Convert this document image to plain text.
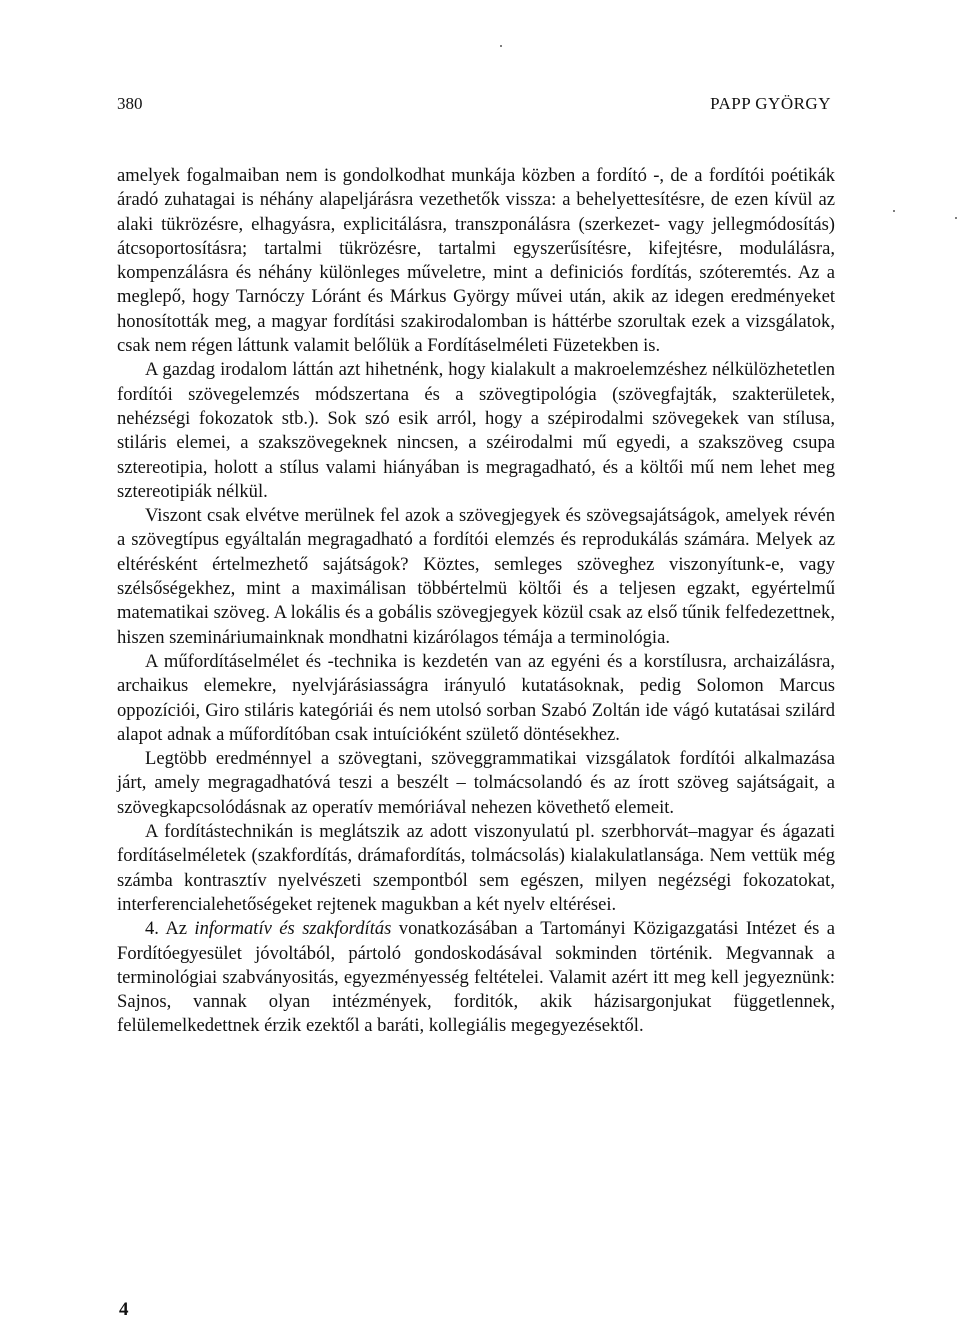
380	PAPP GYÖRGY

amelyek fogalmaiban nem is gondolkodhat munkája közben a fordító -, de a fordítói poétikák áradó zuhatagai is néhány alapeljárásra vezethetők vissza: a behelyettesítésre, de ezen kívül az alaki tükrözésre, elhagyásra, explicitálásra, transzponálásra (szerkezet- vagy jellegmódosítás) átcsoportosításra; tartalmi tükrözésre, tartalmi egyszerűsítésre, kifejtésre, modulálásra, kompenzálásra és néhány különleges műveletre, mint a definiciós fordítás, szóteremtés. Az a meglepő, hogy Tarnóczy Lóránt és Márkus György művei után, akik az idegen eredményeket honosították meg, a magyar fordítási szakirodalomban is háttérbe szorultak ezek a vizsgálatok, csak nem régen láttunk valamit belőlük a Fordításelméleti Füzetekben is.

A gazdag irodalom láttán azt hihetnénk, hogy kialakult a makroelemzéshez nélkülözhetetlen fordítói szövegelemzés módszertana és a szövegtipológia (szövegfajták, szakterületek, nehézségi fokozatok stb.). Sok szó esik arról, hogy a szépirodalmi szövegekek van stílusa, stiláris elemei, a szakszövegeknek nincsen, a széirodalmi mű egyedi, a szakszöveg csupa sztereotipia, holott a stílus valami hiányában is megragadható, és a költői mű nem lehet meg sztereotipiák nélkül.

Viszont csak elvétve merülnek fel azok a szövegjegyek és szövegsajátságok, amelyek révén a szövegtípus egyáltalán megragadható a fordítói elemzés és reprodukálás számára. Melyek az eltérésként értelmezhető sajátságok? Köztes, semleges szöveghez viszonyítunk-e, vagy szélsőségekhez, mint a maximálisan többértelmü költői és a teljesen egzakt, egyértelmű matematikai szöveg. A lokális és a gobális szövegjegyek közül csak az első tűnik felfedezettnek, hiszen szemináriumainknak mondhatni kizárólagos témája a terminológia.

A műfordításelmélet és -technika is kezdetén van az egyéni és a korstílusra, archaizálásra, archaikus elemekre, nyelvjárásiasságra irányuló kutatásoknak, pedig Solomon Marcus oppozíciói, Giro stiláris kategóriái és nem utolsó sorban Szabó Zoltán ide vágó kutatásai szilárd alapot adnak a műfordítóban csak intuícióként születő döntésekhez.

Legtöbb eredménnyel a szövegtani, szöveggrammatikai vizsgálatok fordítói alkalmazása járt, amely megragadhatóvá teszi a beszélt – tolmácsolandó és az írott szöveg sajátságait, a szövegkapcsolódásnak az operatív memóriával nehezen követhető elemeit.

A fordítástechnikán is meglátszik az adott viszonyulatú pl. szerbhorvát–magyar és ágazati fordításelméletek (szakfordítás, drámafordítás, tolmácsolás) kialakulatlansága. Nem vettük még számba kontrasztív nyelvészeti szempontból sem egészen, milyen negézségi fokozatokat, interferencialehetőségeket rejtenek magukban a két nyelv eltérései.

4. Az informatív és szakfordítás vonatkozásában a Tartományi Közigazgatási Intézet és a Fordítóegyesület jóvoltából, pártoló gondoskodásával sokminden történik. Megvannak a terminológiai szabványositás, egyezményesség feltételei. Valamit azért itt meg kell jegyeznünk: Sajnos, vannak olyan intézmények, forditók, akik házisargonjukat függetlennek, felülemelkedettnek érzik ezektől a baráti, kollegiális megegyezésektől.

4
